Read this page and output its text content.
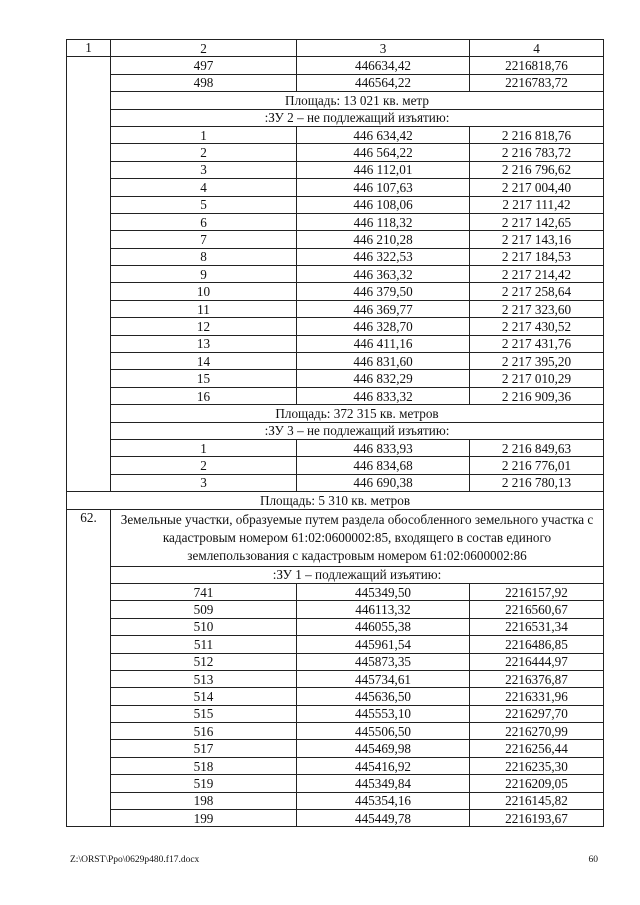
1	2	3	4
	497	446634,42	2216818,76
	498	446564,22	2216783,72
	Площадь: 13 021 кв. метр		
	:ЗУ 2 – не подлежащий изъятию:		
	1	446 634,42	2 216 818,76
	2	446 564,22	2 216 783,72
	3	446 112,01	2 216 796,62
	4	446 107,63	2 217 004,40
	5	446 108,06	2 217 111,42
	6	446 118,32	2 217 142,65
	7	446 210,28	2 217 143,16
	8	446 322,53	2 217 184,53
	9	446 363,32	2 217 214,42
	10	446 379,50	2 217 258,64
	11	446 369,77	2 217 323,60
	12	446 328,70	2 217 430,52
	13	446 411,16	2 217 431,76
	14	446 831,60	2 217 395,20
	15	446 832,29	2 217 010,29
	16	446 833,32	2 216 909,36
	Площадь: 372 315 кв. метров		
	:ЗУ 3 – не подлежащий изъятию:		
	1	446 833,93	2 216 849,63
	2	446 834,68	2 216 776,01
	3	446 690,38	2 216 780,13
Площадь: 5 310 кв. метров			
62.	Земельные участки, образуемые путем раздела обособленного земельного участка с кадастровым номером 61:02:0600002:85, входящего в состав единого землепользования с кадастровым номером 61:02:0600002:86		
	:ЗУ 1 – подлежащий изъятию:		
	741	445349,50	2216157,92
	509	446113,32	2216560,67
	510	446055,38	2216531,34
	511	445961,54	2216486,85
	512	445873,35	2216444,97
	513	445734,61	2216376,87
	514	445636,50	2216331,96
	515	445553,10	2216297,70
	516	445506,50	2216270,99
	517	445469,98	2216256,44
	518	445416,92	2216235,30
	519	445349,84	2216209,05
	198	445354,16	2216145,82
	199	445449,78	2216193,67
Z:\ORST\Ppo\0629p480.f17.docx	60
